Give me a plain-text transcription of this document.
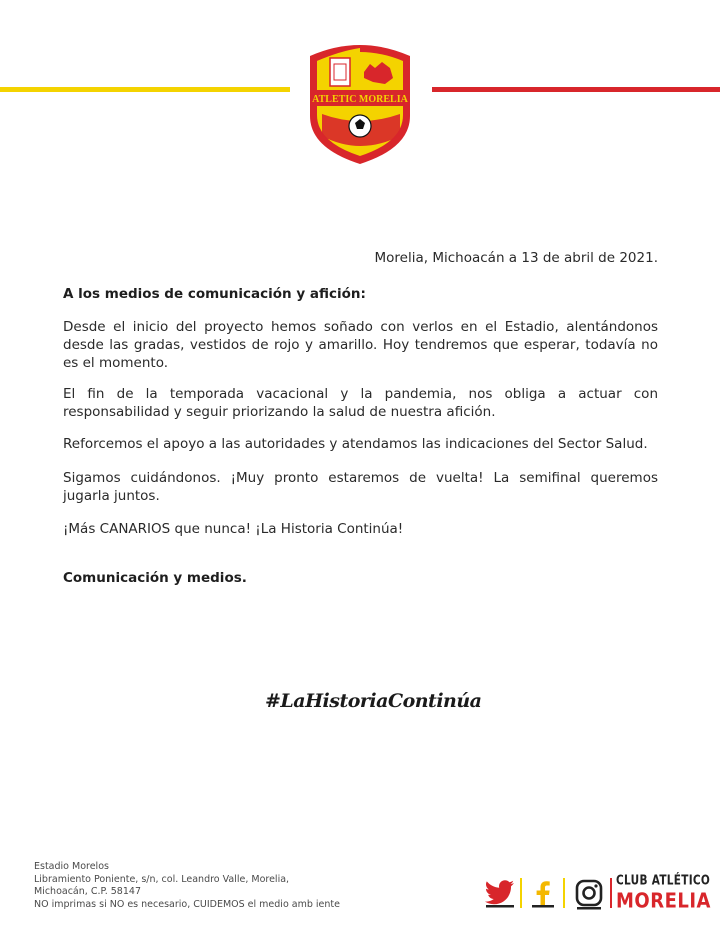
ATLETIC MORELIA
Morelia, Michoacán a 13 de abril de 2021.
A los medios de comunicación y afición:
Desde el inicio del proyecto hemos soñado con verlos en el Estadio, alentándonos desde las gradas, vestidos de rojo y amarillo. Hoy tendremos que esperar, todavía no es el momento.
El fin de la temporada vacacional y la pandemia, nos obliga a actuar con responsabilidad y seguir priorizando la salud de nuestra afición.
Reforcemos el apoyo a las autoridades y atendamos las indicaciones del Sector Salud.
Sigamos cuidándonos. ¡Muy pronto estaremos de vuelta! La semifinal queremos jugarla juntos.
¡Más CANARIOS que nunca! ¡La Historia Continúa!
Comunicación y medios.
#LaHistoriaContinúa
Estadio Morelos
Libramiento Poniente, s/n, col. Leandro Valle, Morelia,
Michoacán, C.P. 58147
NO imprimas si NO es necesario, CUIDEMOS el medio amb iente
CLUB ATLÉTICO
MORELIA
